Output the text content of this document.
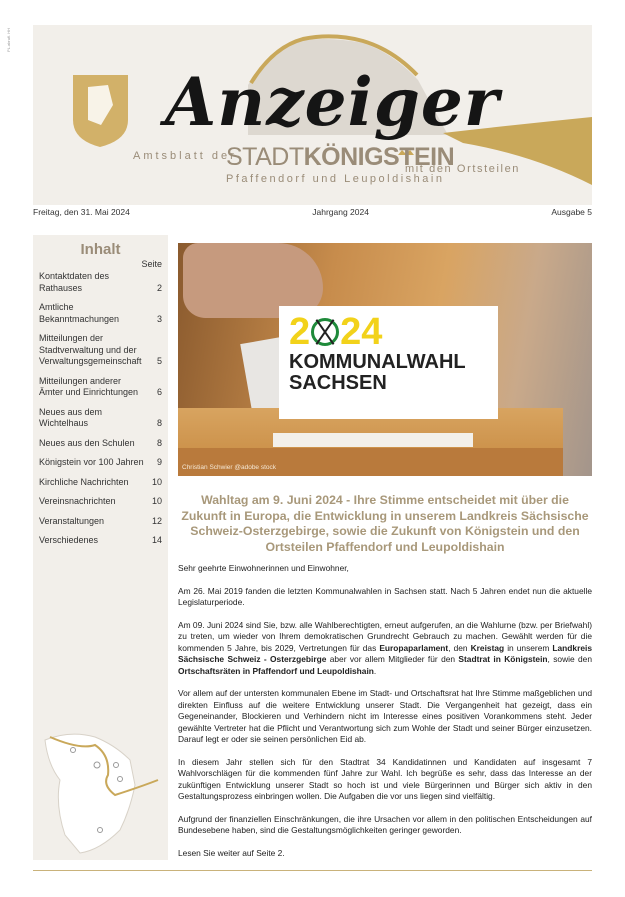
PL.abrufl. HH
Anzeiger
Amtsblatt der
STADTKÖNIGSTEIN
mit den Ortsteilen
Pfaffendorf und Leupoldishain
Freitag, den 31. Mai 2024	Jahrgang 2024	Ausgabe 5
Inhalt
Seite
Kontaktdaten des
Rathauses	2
Amtliche
Bekanntmachungen	3
Mitteilungen der
Stadtverwaltung und der
Verwaltungsgemeinschaft 5
Mitteilungen anderer
Ämter und Einrichtungen 6
Neues aus dem
Wichtelhaus	8
Neues aus den Schulen 8
Königstein vor 100 Jahren 9
Kirchliche Nachrichten	10
Vereinsnachrichten	10
Veranstaltungen	12
Verschiedenes	14
2 24
KOMMUNALWAHL
SACHSEN
Christian Schwier @adobe stock
Wahltag am 9. Juni 2024 - Ihre Stimme entscheidet mit über die Zukunft in Europa, die Entwicklung in unserem Landkreis Sächsische Schweiz-Osterzgebirge, sowie die Zukunft von Königstein und den Ortsteilen Pfaffendorf und Leupoldishain

Sehr geehrte Einwohnerinnen und Einwohner,

Am 26. Mai 2019 fanden die letzten Kommunalwahlen in Sachsen statt. Nach 5 Jahren endet nun die aktuelle Legislaturperiode.

Am 09. Juni 2024 sind Sie, bzw. alle Wahlberechtigten, erneut aufgerufen, an die Wahlurne (bzw. per Briefwahl) zu treten, um wieder von Ihrem demokratischen Grundrecht Gebrauch zu machen. Gewählt werden für die kommenden 5 Jahre, bis 2029, Vertretungen für das Europaparlament, den Kreistag in unserem Landkreis Sächsische Schweiz - Osterzgebirge aber vor allem Mitglieder für den Stadtrat in Königstein, sowie den Ortschaftsräten in Pfaffendorf und Leupoldishain.

Vor allem auf der untersten kommunalen Ebene im Stadt- und Ortschaftsrat hat Ihre Stimme maßgeblichen und direkten Einfluss auf die weitere Entwicklung unserer Stadt. Die Vergangenheit hat gezeigt, dass ein Gegeneinander, Blockieren und Verhindern nicht im Interesse eines positiven Vorankommens steht. Jeder gewählte Vertreter hat die Pflicht und Verantwortung sich zum Wohle der Stadt und seiner Bürger einzusetzen. Darauf legt er oder sie seinen persönlichen Eid ab.

In diesem Jahr stellen sich für den Stadtrat 34 Kandidatinnen und Kandidaten auf insgesamt 7 Wahlvorschlägen für die kommenden fünf Jahre zur Wahl. Ich begrüße es sehr, dass das Interesse an der zukünftigen Entwicklung unserer Stadt so hoch ist und viele Bürgerinnen und Bürger sich aktiv in den Gestaltungsprozess einbringen wollen. Die Aufgaben die vor uns liegen sind vielfältig.

Aufgrund der finanziellen Einschränkungen, die ihre Ursachen vor allem in den politischen Entscheidungen auf Bundesebene haben, sind die Gestaltungsmöglichkeiten geringer geworden.

Lesen Sie weiter auf Seite 2.
